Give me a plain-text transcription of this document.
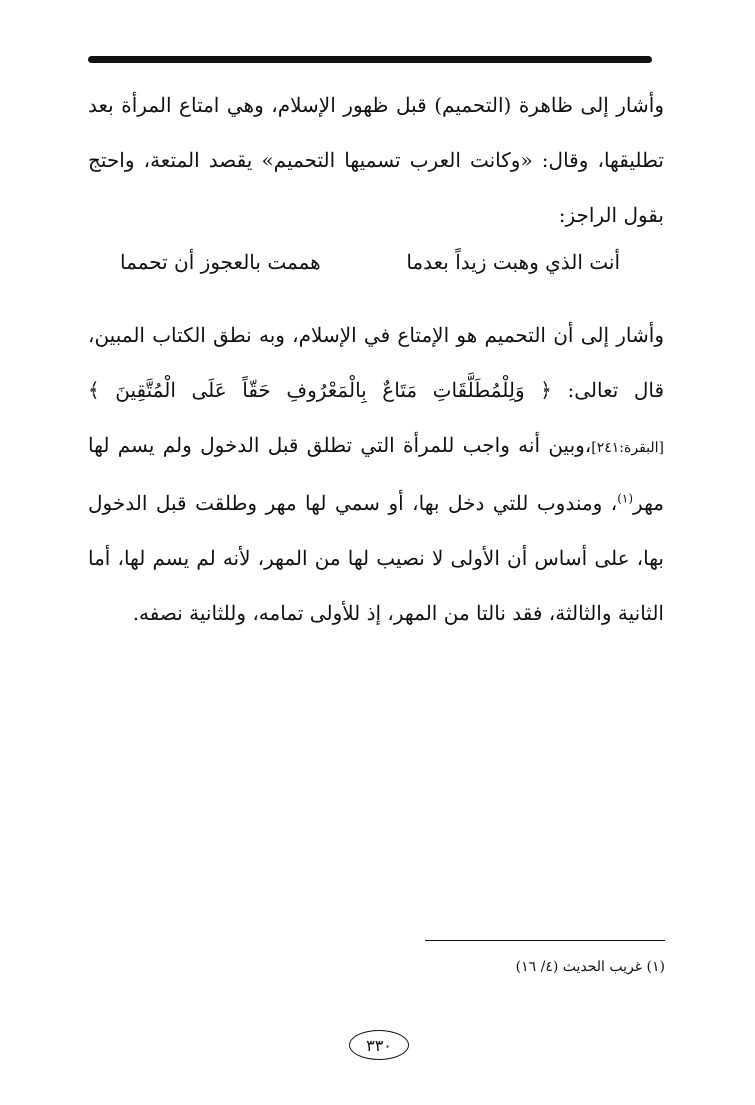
وأشار إلى ظاهرة (التحميم) قبل ظهور الإسلام، وهي امتاع المرأة بعد تطليقها، وقال: «وكانت العرب تسميها التحميم» يقصد المتعة، واحتج بقول الراجز:

أنت الذي وهبت زيداً بعدما
هممت بالعجوز أن تحمما

وأشار إلى أن التحميم هو الإمتاع في الإسلام، وبه نطق الكتاب المبين، قال تعالى: ﴿ وَلِلْمُطَلَّقَاتِ مَتَاعٌ بِالْمَعْرُوفِ حَقّاً عَلَى الْمُتَّقِينَ ﴾ [البقرة:٢٤١]،وبين أنه واجب للمرأة التي تطلق قبل الدخول ولم يسم لها مهر$^{(١)}$، ومندوب للتي دخل بها، أو سمي لها مهر وطلقت قبل الدخول بها، على أساس أن الأولى لا نصيب لها من المهر، لأنه لم يسم لها، أما الثانية والثالثة، فقد نالتا من المهر، إذ للأولى تمامه، وللثانية نصفه.

(١) غريب الحديث (٤/ ١٦)
٣٣٠
